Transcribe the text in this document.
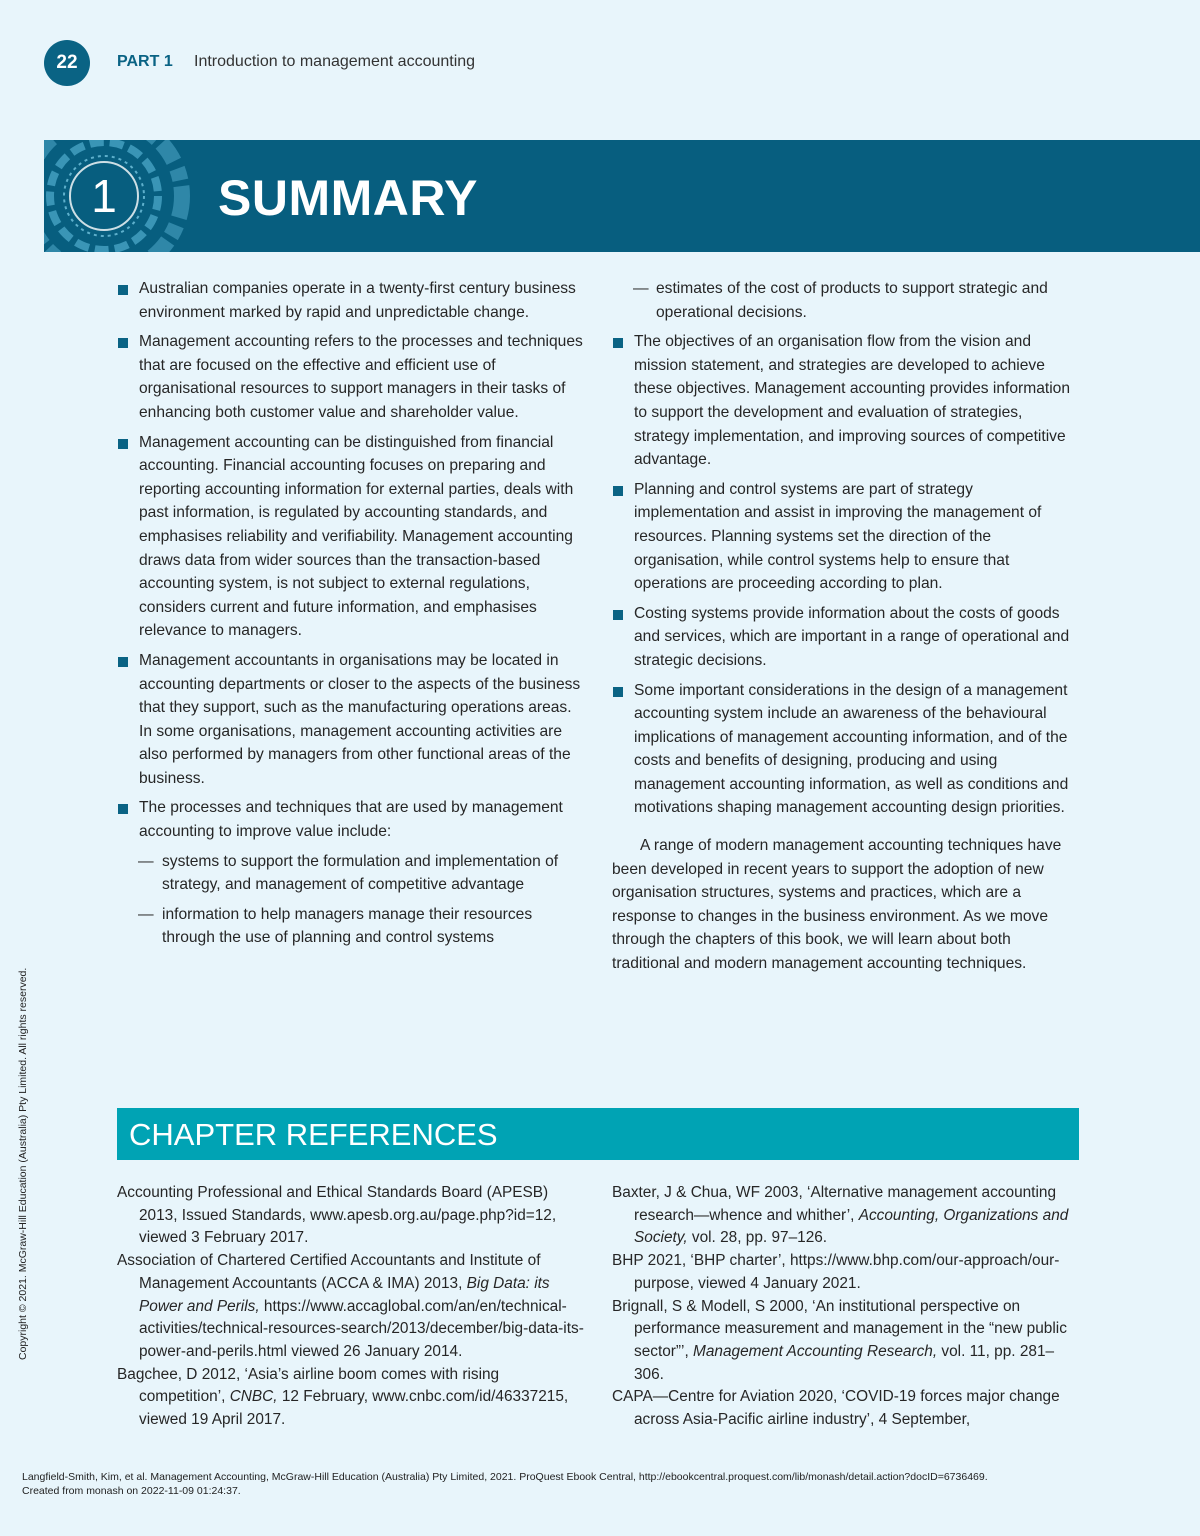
22	PART 1 Introduction to management accounting
1 SUMMARY
Australian companies operate in a twenty-first century business environment marked by rapid and unpredictable change.
Management accounting refers to the processes and techniques that are focused on the effective and efficient use of organisational resources to support managers in their tasks of enhancing both customer value and shareholder value.
Management accounting can be distinguished from financial accounting. Financial accounting focuses on preparing and reporting accounting information for external parties, deals with past information, is regulated by accounting standards, and emphasises reliability and verifiability. Management accounting draws data from wider sources than the transaction-based accounting system, is not subject to external regulations, considers current and future information, and emphasises relevance to managers.
Management accountants in organisations may be located in accounting departments or closer to the aspects of the business that they support, such as the manufacturing operations areas. In some organisations, management accounting activities are also performed by managers from other functional areas of the business.
The processes and techniques that are used by management accounting to improve value include:
— systems to support the formulation and implementation of strategy, and management of competitive advantage
— information to help managers manage their resources through the use of planning and control systems
— estimates of the cost of products to support strategic and operational decisions.
The objectives of an organisation flow from the vision and mission statement, and strategies are developed to achieve these objectives. Management accounting provides information to support the development and evaluation of strategies, strategy implementation, and improving sources of competitive advantage.
Planning and control systems are part of strategy implementation and assist in improving the management of resources. Planning systems set the direction of the organisation, while control systems help to ensure that operations are proceeding according to plan.
Costing systems provide information about the costs of goods and services, which are important in a range of operational and strategic decisions.
Some important considerations in the design of a management accounting system include an awareness of the behavioural implications of management accounting information, and of the costs and benefits of designing, producing and using management accounting information, as well as conditions and motivations shaping management accounting design priorities.
A range of modern management accounting techniques have been developed in recent years to support the adoption of new organisation structures, systems and practices, which are a response to changes in the business environment. As we move through the chapters of this book, we will learn about both traditional and modern management accounting techniques.
CHAPTER REFERENCES
Accounting Professional and Ethical Standards Board (APESB) 2013, Issued Standards, www.apesb.org.au/page.php?id=12, viewed 3 February 2017.
Association of Chartered Certified Accountants and Institute of Management Accountants (ACCA & IMA) 2013, Big Data: its Power and Perils, https://www.accaglobal.com/an/en/technical-activities/technical-resources-search/2013/december/big-data-its-power-and-perils.html viewed 26 January 2014.
Bagchee, D 2012, ‘Asia’s airline boom comes with rising competition’, CNBC, 12 February, www.cnbc.com/id/46337215, viewed 19 April 2017.
Baxter, J & Chua, WF 2003, ‘Alternative management accounting research—whence and whither’, Accounting, Organizations and Society, vol. 28, pp. 97–126.
BHP 2021, ‘BHP charter’, https://www.bhp.com/our-approach/our-purpose, viewed 4 January 2021.
Brignall, S & Modell, S 2000, ‘An institutional perspective on performance measurement and management in the “new public sector”’, Management Accounting Research, vol. 11, pp. 281–306.
CAPA—Centre for Aviation 2020, ‘COVID-19 forces major change across Asia-Pacific airline industry’, 4 September,
Copyright © 2021. McGraw-Hill Education (Australia) Pty Limited. All rights reserved.
Langfield-Smith, Kim, et al. Management Accounting, McGraw-Hill Education (Australia) Pty Limited, 2021. ProQuest Ebook Central, http://ebookcentral.proquest.com/lib/monash/detail.action?docID=6736469.
Created from monash on 2022-11-09 01:24:37.
